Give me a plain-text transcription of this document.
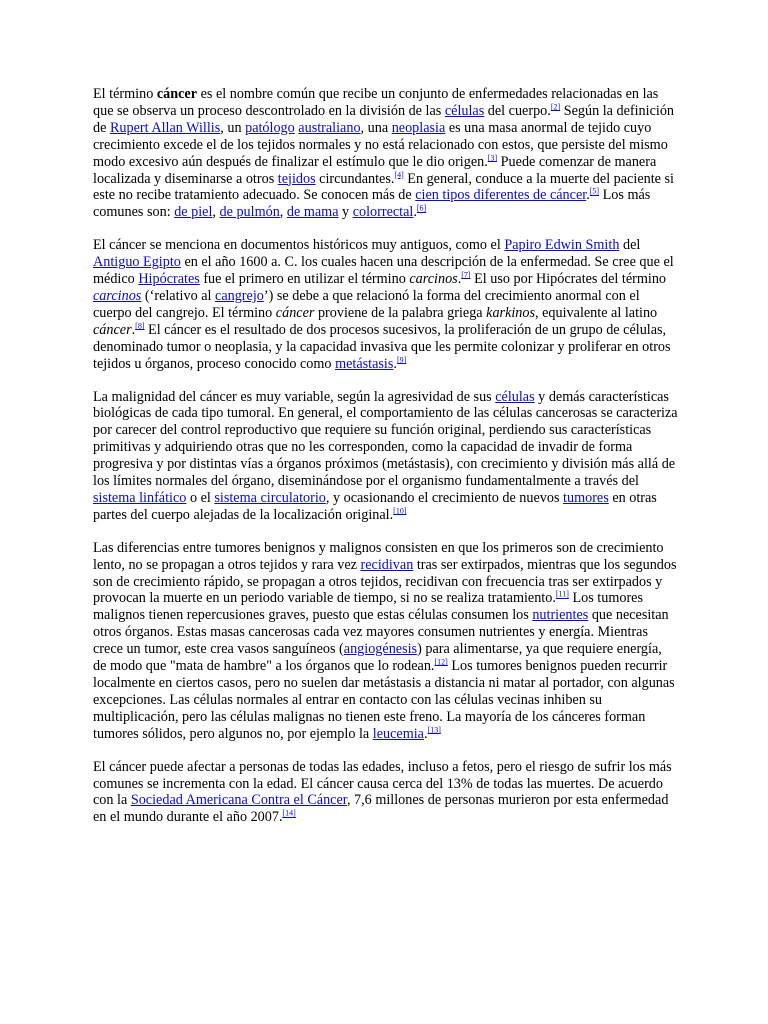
El término cáncer es el nombre común que recibe un conjunto de enfermedades relacionadas en las que se observa un proceso descontrolado en la división de las células del cuerpo.[2] Según la definición de Rupert Allan Willis, un patólogo australiano, una neoplasia es una masa anormal de tejido cuyo crecimiento excede el de los tejidos normales y no está relacionado con estos, que persiste del mismo modo excesivo aún después de finalizar el estímulo que le dio origen.[3] Puede comenzar de manera localizada y diseminarse a otros tejidos circundantes.[4] En general, conduce a la muerte del paciente si este no recibe tratamiento adecuado. Se conocen más de cien tipos diferentes de cáncer.[5] Los más comunes son: de piel, de pulmón, de mama y colorrectal.[6]

El cáncer se menciona en documentos históricos muy antiguos, como el Papiro Edwin Smith del Antiguo Egipto en el año 1600 a. C. los cuales hacen una descripción de la enfermedad. Se cree que el médico Hipócrates fue el primero en utilizar el término carcinos.[7] El uso por Hipócrates del término carcinos (‘relativo al cangrejo’) se debe a que relacionó la forma del crecimiento anormal con el cuerpo del cangrejo. El término cáncer proviene de la palabra griega karkinos, equivalente al latino cáncer.[8] El cáncer es el resultado de dos procesos sucesivos, la proliferación de un grupo de células, denominado tumor o neoplasia, y la capacidad invasiva que les permite colonizar y proliferar en otros tejidos u órganos, proceso conocido como metástasis.[9]

La malignidad del cáncer es muy variable, según la agresividad de sus células y demás características biológicas de cada tipo tumoral. En general, el comportamiento de las células cancerosas se caracteriza por carecer del control reproductivo que requiere su función original, perdiendo sus características primitivas y adquiriendo otras que no les corresponden, como la capacidad de invadir de forma progresiva y por distintas vías a órganos próximos (metástasis), con crecimiento y división más allá de los límites normales del órgano, diseminándose por el organismo fundamentalmente a través del sistema linfático o el sistema circulatorio, y ocasionando el crecimiento de nuevos tumores en otras partes del cuerpo alejadas de la localización original.[10]

Las diferencias entre tumores benignos y malignos consisten en que los primeros son de crecimiento lento, no se propagan a otros tejidos y rara vez recidivan tras ser extirpados, mientras que los segundos son de crecimiento rápido, se propagan a otros tejidos, recidivan con frecuencia tras ser extirpados y provocan la muerte en un periodo variable de tiempo, si no se realiza tratamiento.[11] Los tumores malignos tienen repercusiones graves, puesto que estas células consumen los nutrientes que necesitan otros órganos. Estas masas cancerosas cada vez mayores consumen nutrientes y energía. Mientras crece un tumor, este crea vasos sanguíneos (angiogénesis) para alimentarse, ya que requiere energía, de modo que "mata de hambre" a los órganos que lo rodean.[12] Los tumores benignos pueden recurrir localmente en ciertos casos, pero no suelen dar metástasis a distancia ni matar al portador, con algunas excepciones. Las células normales al entrar en contacto con las células vecinas inhiben su multiplicación, pero las células malignas no tienen este freno. La mayoría de los cánceres forman tumores sólidos, pero algunos no, por ejemplo la leucemia.[13]

El cáncer puede afectar a personas de todas las edades, incluso a fetos, pero el riesgo de sufrir los más comunes se incrementa con la edad. El cáncer causa cerca del 13% de todas las muertes. De acuerdo con la Sociedad Americana Contra el Cáncer, 7,6 millones de personas murieron por esta enfermedad en el mundo durante el año 2007.[14]
